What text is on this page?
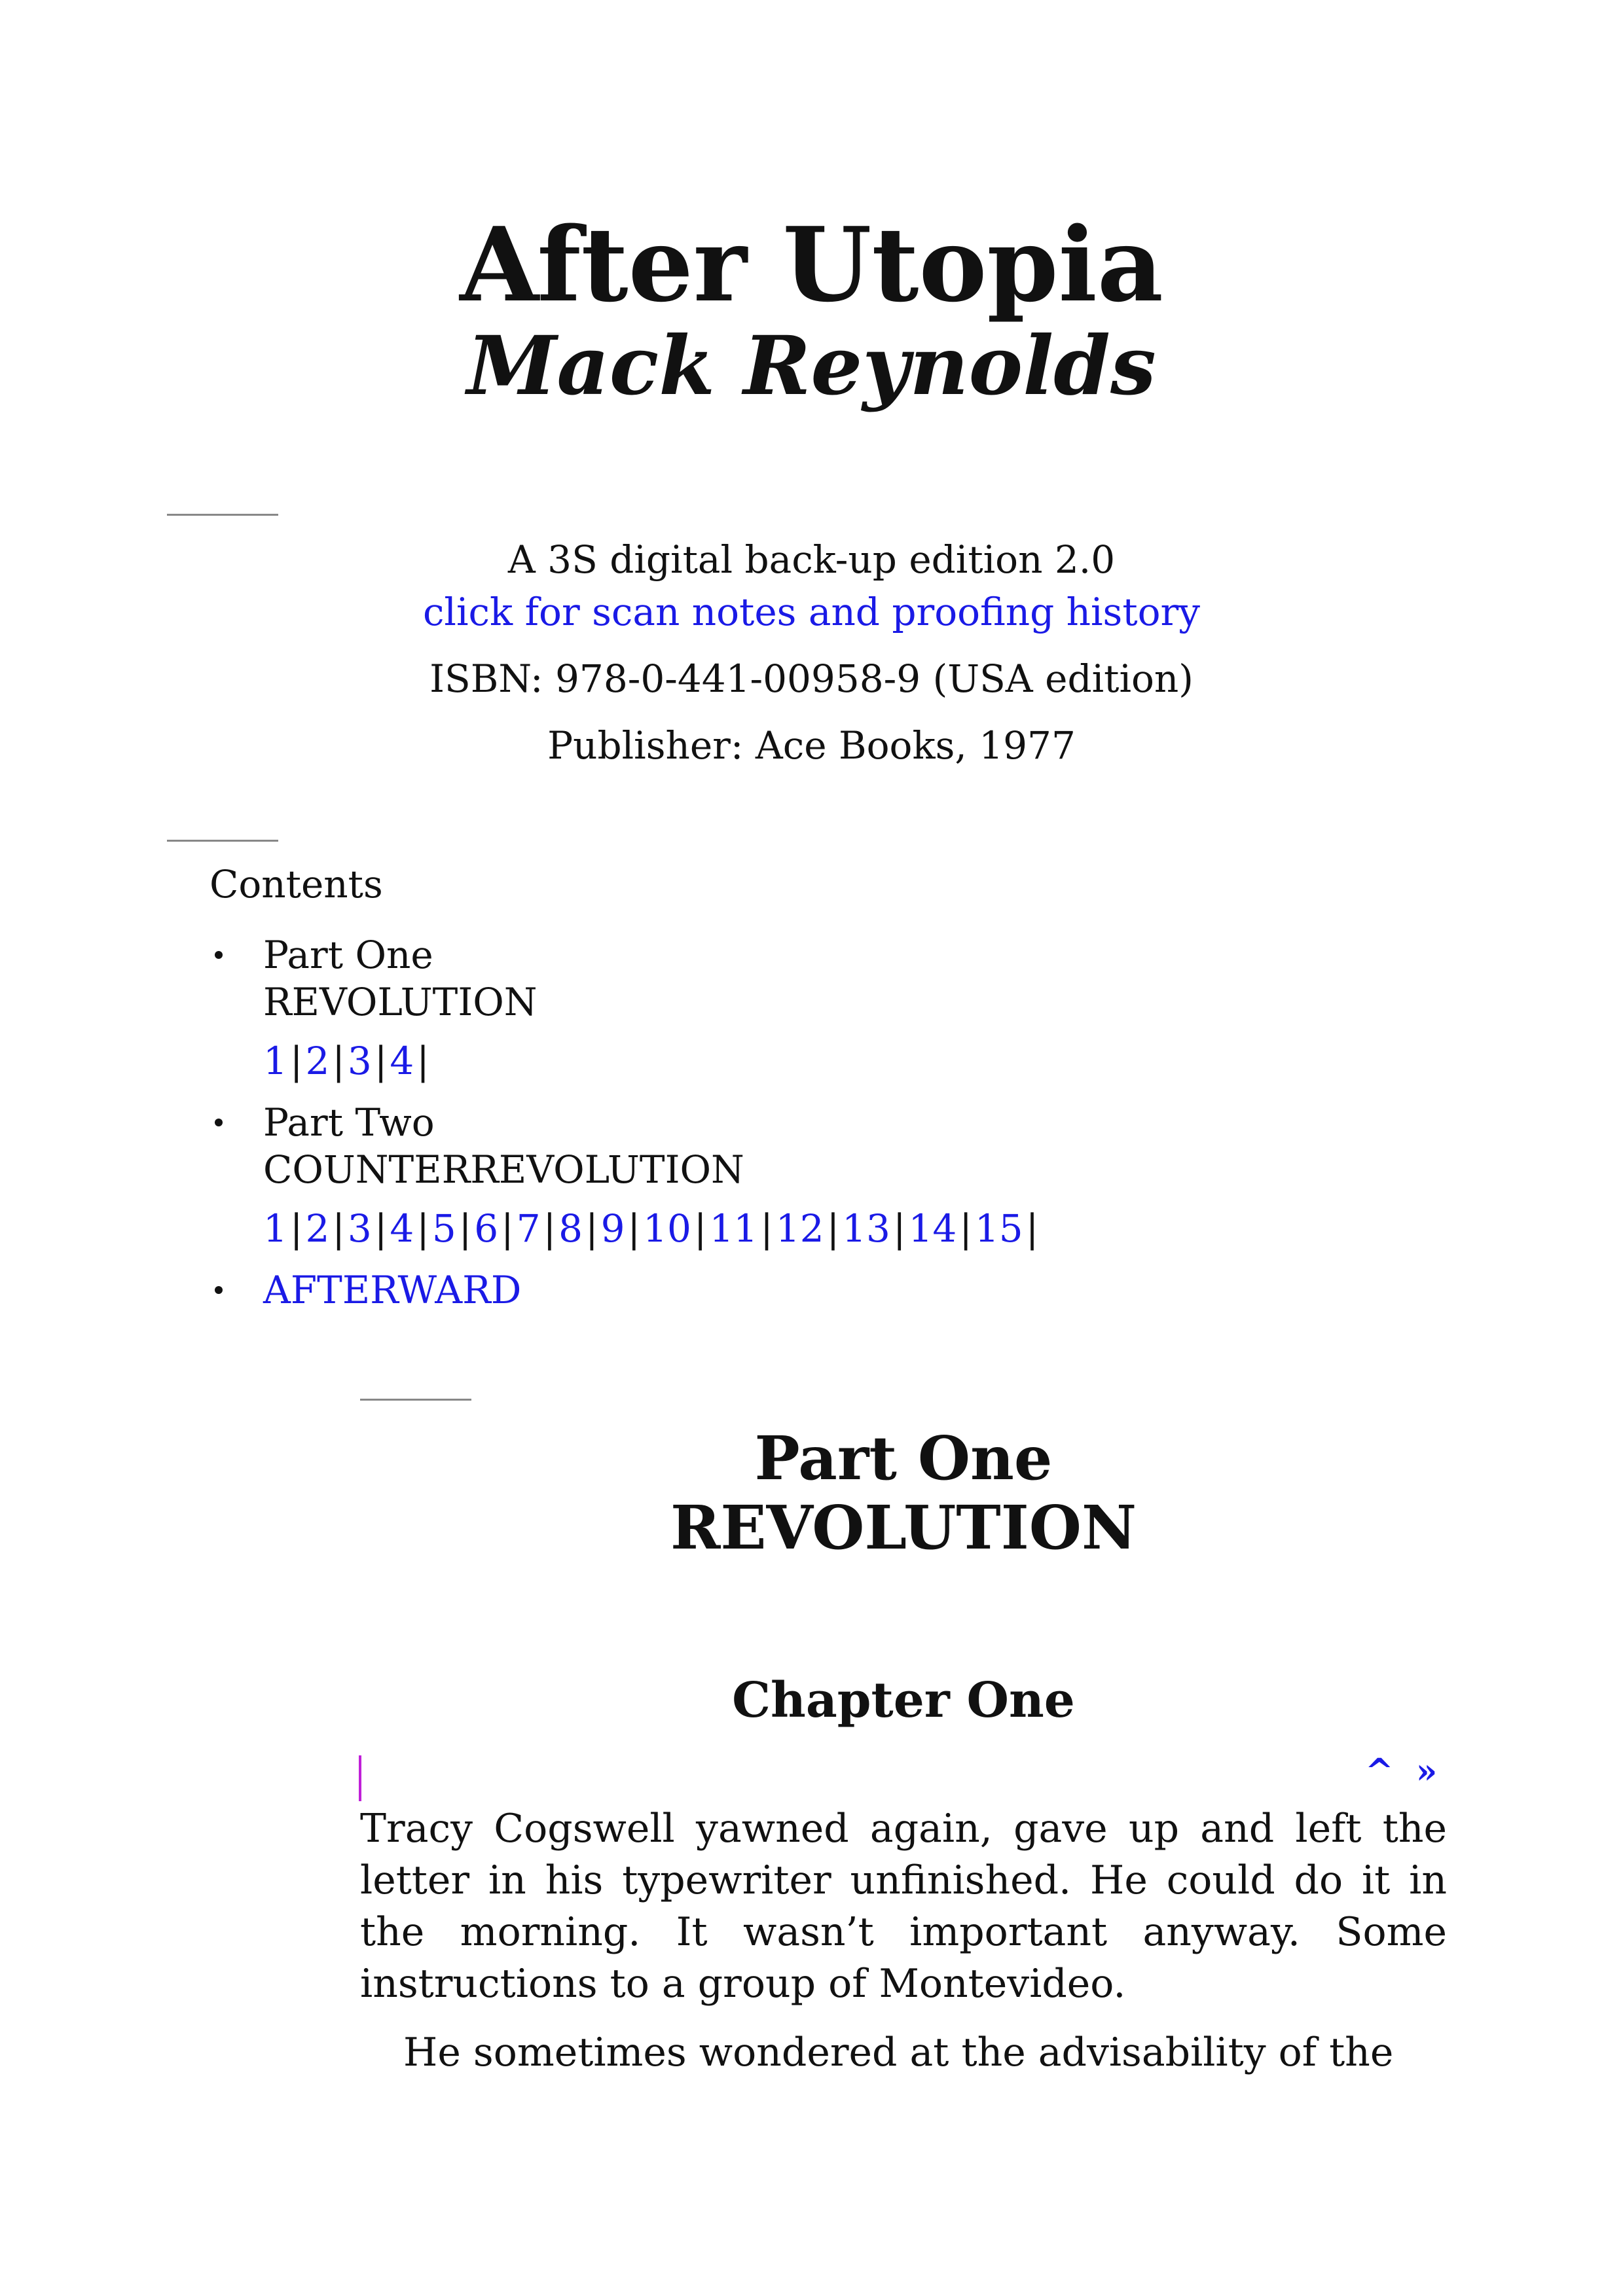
After Utopia
Mack Reynolds
A 3S digital back-up edition 2.0
click for scan notes and proofing history
ISBN: 978-0-441-00958-9 (USA edition)
Publisher: Ace Books, 1977
Contents
Part One
REVOLUTION
1|2|3|4|
Part Two
COUNTERREVOLUTION
1|2|3|4|5|6|7|8|9|10|11|12|13|14|15|
AFTERWARD
Part One
REVOLUTION
Chapter One
^ »

Tracy Cogswell yawned again, gave up and left the letter in his typewriter unfinished. He could do it in the morning. It wasn’t important anyway. Some instructions to a group of Montevideo.

He sometimes wondered at the advisability of the
